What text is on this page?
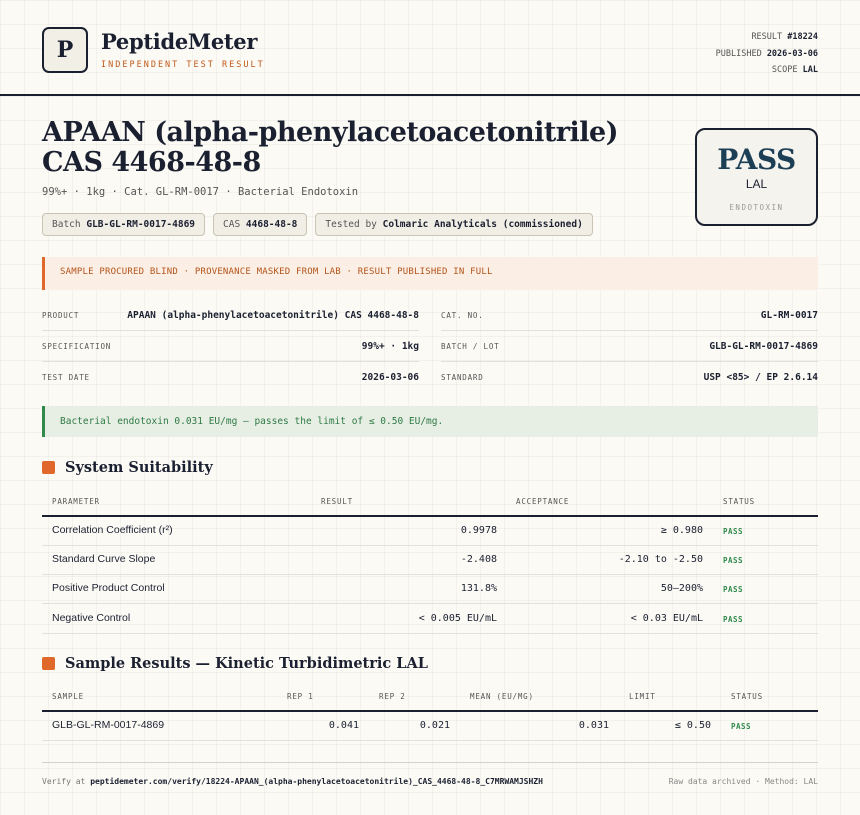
P	PeptideMeter
INDEPENDENT TEST RESULT
RESULT #18224
PUBLISHED 2026-03-06
SCOPE LAL
APAAN (alpha-phenylacetoacetonitrile) CAS 4468-48-8
99%+ · 1kg · Cat. GL-RM-0017 · Bacterial Endotoxin
Batch GLB-GL-RM-0017-4869	CAS 4468-48-8	Tested by Colmaric Analyticals (commissioned)
PASS
LAL
ENDOTOXIN
SAMPLE PROCURED BLIND · PROVENANCE MASKED FROM LAB · RESULT PUBLISHED IN FULL
PRODUCT	APAAN (alpha-phenylacetoacetonitrile) CAS 4468-48-8	CAT. NO.	GL-RM-0017
SPECIFICATION	99%+ · 1kg	BATCH / LOT	GLB-GL-RM-0017-4869
TEST DATE	2026-03-06	STANDARD	USP <85> / EP 2.6.14
Bacterial endotoxin 0.031 EU/mg — passes the limit of ≤ 0.50 EU/mg.
System Suitability
PARAMETER	RESULT	ACCEPTANCE	STATUS
Correlation Coefficient (r²)	0.9978	≥ 0.980	PASS
Standard Curve Slope	-2.408	-2.10 to -2.50	PASS
Positive Product Control	131.8%	50–200%	PASS
Negative Control	< 0.005 EU/mL	< 0.03 EU/mL	PASS
Sample Results — Kinetic Turbidimetric LAL
SAMPLE	REP 1	REP 2	MEAN (EU/MG)	LIMIT	STATUS
GLB-GL-RM-0017-4869	0.041	0.021	0.031	≤ 0.50	PASS
Verify at peptidemeter.com/verify/18224-APAAN_(alpha-phenylacetoacetonitrile)_CAS_4468-48-8_C7MRWAMJSHZH	Raw data archived · Method: LAL
